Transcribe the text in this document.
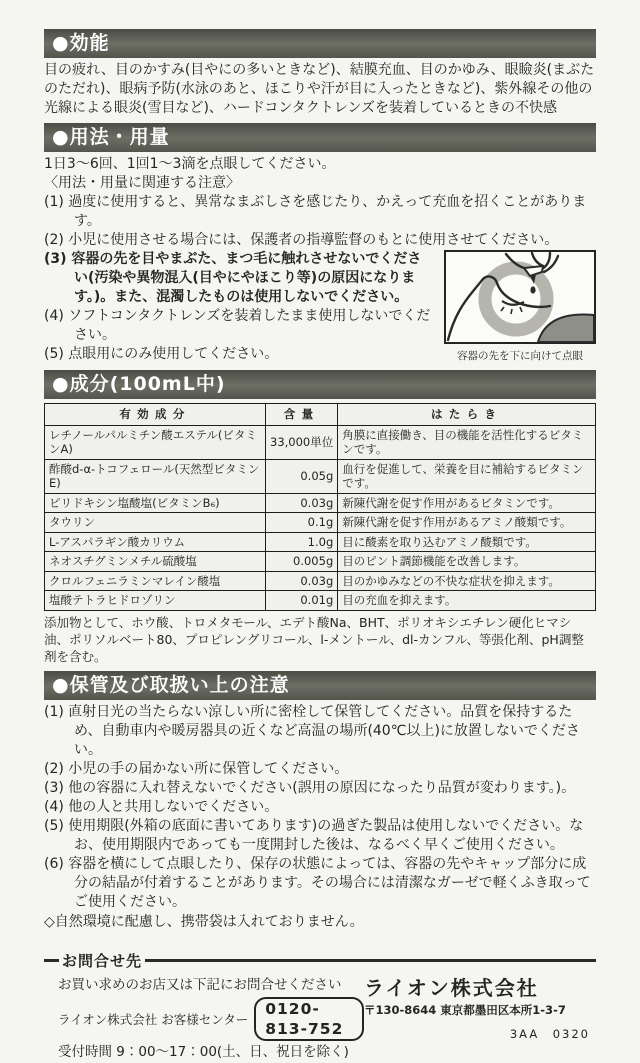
●効能
目の疲れ、目のかすみ(目やにの多いときなど)、結膜充血、目のかゆみ、眼瞼炎(まぶたのただれ)、眼病予防(水泳のあと、ほこりや汗が目に入ったときなど)、紫外線その他の光線による眼炎(雪目など)、ハードコンタクトレンズを装着しているときの不快感
●用法・用量
1日3〜6回、1回1〜3滴を点眼してください。
〈用法・用量に関連する注意〉
(1) 過度に使用すると、異常なまぶしさを感じたり、かえって充血を招くことがあります。
(2) 小児に使用させる場合には、保護者の指導監督のもとに使用させてください。
容器の先を下に向けて点眼
(3) 容器の先を目やまぶた、まつ毛に触れさせないでください(汚染や異物混入(目やにやほこり等)の原因になります。)。また、混濁したものは使用しないでください。
(4) ソフトコンタクトレンズを装着したまま使用しないでください。
(5) 点眼用にのみ使用してください。
●成分(100mL中)
有効成分	含量	はたらき
レチノールパルミチン酸エステル(ビタミンA)	33,000単位	角膜に直接働き、目の機能を活性化するビタミンです。
酢酸d-α-トコフェロール(天然型ビタミンE)	0.05g	血行を促進して、栄養を目に補給するビタミンです。
ピリドキシン塩酸塩(ビタミンB₆)	0.03g	新陳代謝を促す作用があるビタミンです。
タウリン	0.1g	新陳代謝を促す作用があるアミノ酸類です。
L-アスパラギン酸カリウム	1.0g	目に酸素を取り込むアミノ酸類です。
ネオスチグミンメチル硫酸塩	0.005g	目のピント調節機能を改善します。
クロルフェニラミンマレイン酸塩	0.03g	目のかゆみなどの不快な症状を抑えます。
塩酸テトラヒドロゾリン	0.01g	目の充血を抑えます。
添加物として、ホウ酸、トロメタモール、エデト酸Na、BHT、ポリオキシエチレン硬化ヒマシ油、ポリソルベート80、プロピレングリコール、l-メントール、dl-カンフル、等張化剤、pH調整剤を含む。
●保管及び取扱い上の注意
(1) 直射日光の当たらない涼しい所に密栓して保管してください。品質を保持するため、自動車内や暖房器具の近くなど高温の場所(40℃以上)に放置しないでください。
(2) 小児の手の届かない所に保管してください。
(3) 他の容器に入れ替えないでください(誤用の原因になったり品質が変わります。)。
(4) 他の人と共用しないでください。
(5) 使用期限(外箱の底面に書いてあります)の過ぎた製品は使用しないでください。なお、使用期限内であっても一度開封した後は、なるべく早くご使用ください。
(6) 容器を横にして点眼したり、保存の状態によっては、容器の先やキャップ部分に成分の結晶が付着することがあります。その場合には清潔なガーゼで軽くふき取ってご使用ください。
◇自然環境に配慮し、携帯袋は入れておりません。
お問合せ先
お買い求めのお店又は下記にお問合せください
ライオン株式会社 お客様センター
0120-813-752
受付時間 9：00〜17：00(土、日、祝日を除く)
ライオン株式会社
〒130-8644 東京都墨田区本所1-3-7
3AA　0320
